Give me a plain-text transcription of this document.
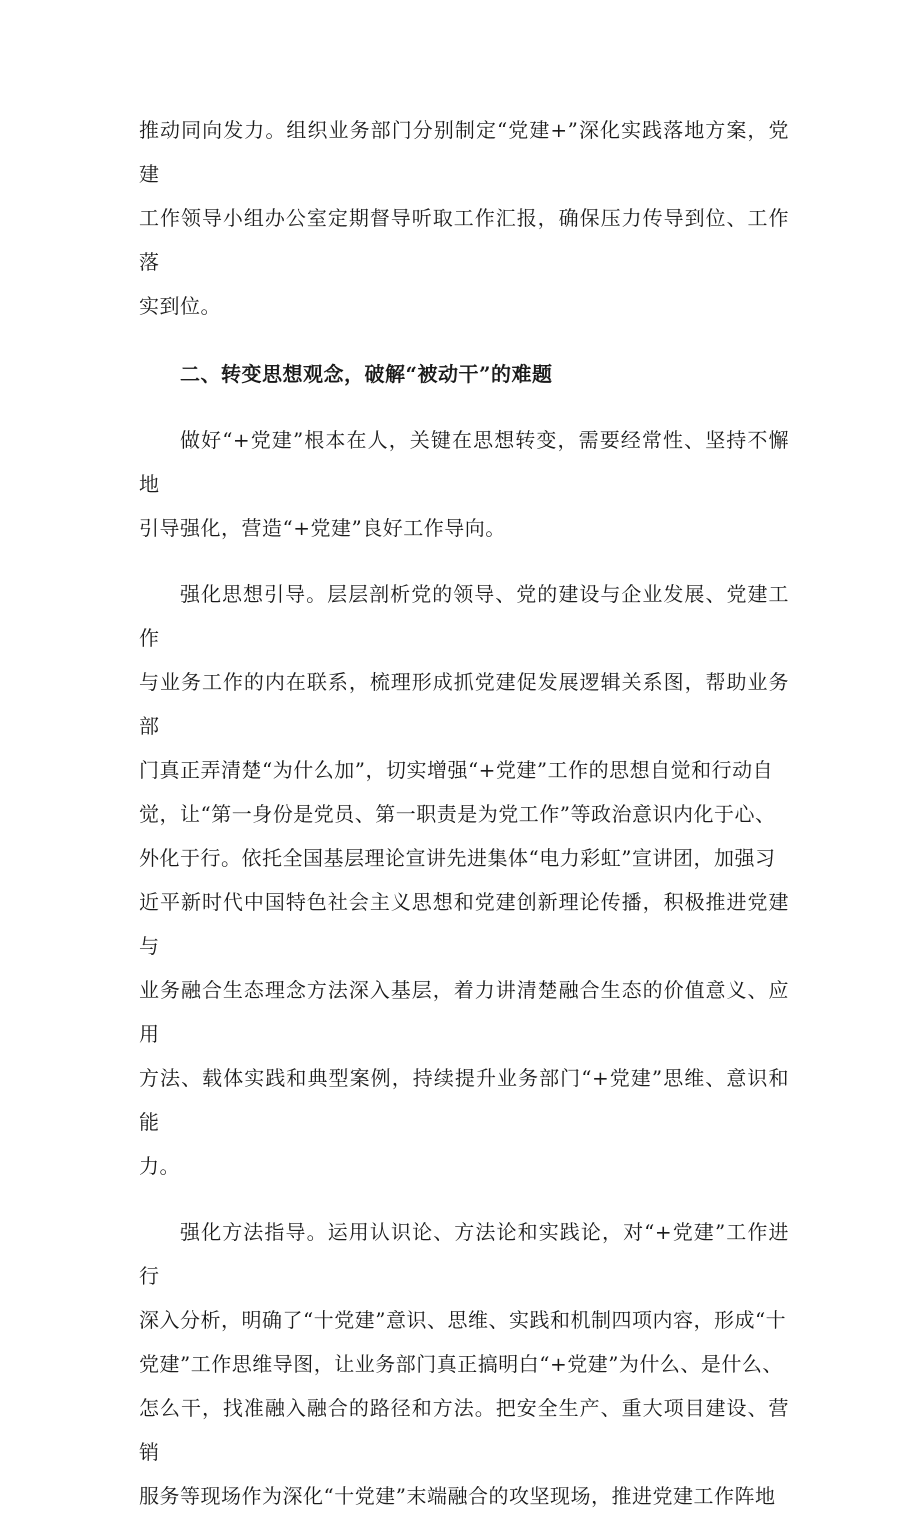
推动同向发力。组织业务部门分别制定“党建+”深化实践落地方案，党建
工作领导小组办公室定期督导听取工作汇报，确保压力传导到位、工作落
实到位。

二、转变思想观念，破解“被动干”的难题

做好“+党建”根本在人，关键在思想转变，需要经常性、坚持不懈地
引导强化，营造“+党建”良好工作导向。

强化思想引导。层层剖析党的领导、党的建设与企业发展、党建工作
与业务工作的内在联系，梳理形成抓党建促发展逻辑关系图，帮助业务部
门真正弄清楚“为什么加”，切实增强“+党建”工作的思想自觉和行动自
觉，让“第一身份是党员、第一职责是为党工作”等政治意识内化于心、
外化于行。依托全国基层理论宣讲先进集体“电力彩虹”宣讲团，加强习
近平新时代中国特色社会主义思想和党建创新理论传播，积极推进党建与
业务融合生态理念方法深入基层，着力讲清楚融合生态的价值意义、应用
方法、载体实践和典型案例，持续提升业务部门“+党建”思维、意识和能
力。

强化方法指导。运用认识论、方法论和实践论，对“+党建”工作进行
深入分析，明确了“十党建”意识、思维、实践和机制四项内容，形成“十
党建”工作思维导图，让业务部门真正搞明白“+党建”为什么、是什么、
怎么干，找准融入融合的路径和方法。把安全生产、重大项目建设、营销
服务等现场作为深化“十党建”末端融合的攻坚现场，推进党建工作阵地
